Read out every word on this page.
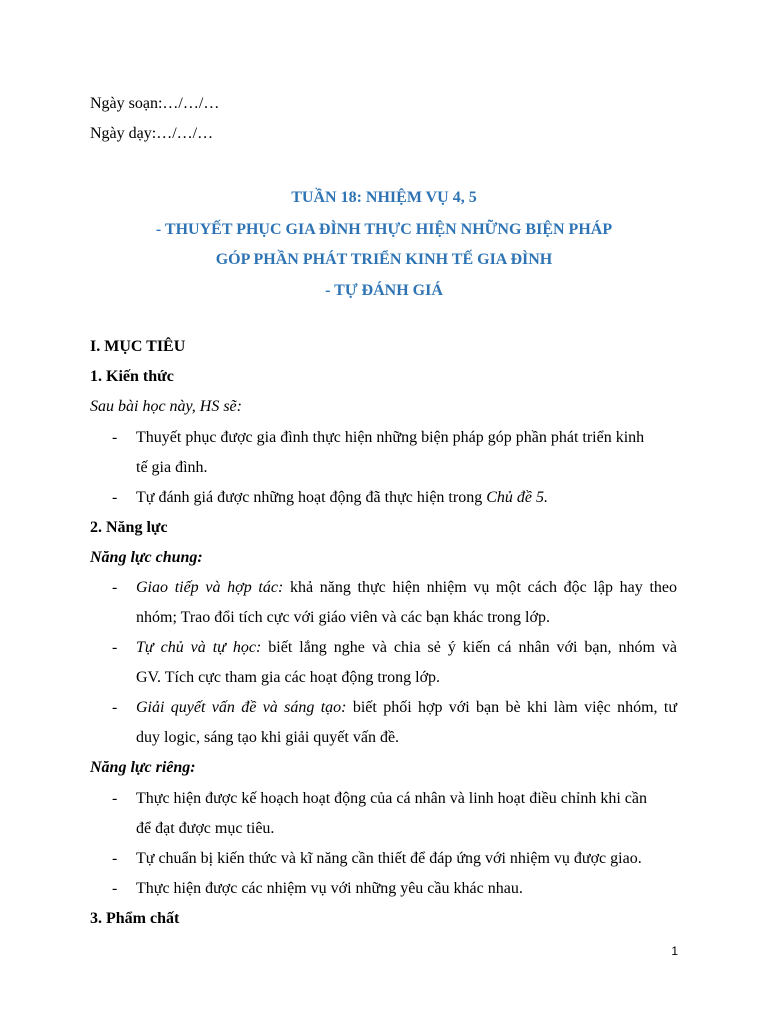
Ngày soạn:…/…/…
Ngày dạy:…/…/…
TUẦN 18: NHIỆM VỤ 4, 5
- THUYẾT PHỤC GIA ĐÌNH THỰC HIỆN NHỮNG BIỆN PHÁP
GÓP PHẦN PHÁT TRIỂN KINH TẾ GIA ĐÌNH
- TỰ ĐÁNH GIÁ
I. MỤC TIÊU
1. Kiến thức
Sau bài học này, HS sẽ:
- Thuyết phục được gia đình thực hiện những biện pháp góp phần phát triển kinh
tế gia đình.
- Tự đánh giá được những hoạt động đã thực hiện trong Chủ đề 5.
2. Năng lực
Năng lực chung:
- Giao tiếp và hợp tác: khả năng thực hiện nhiệm vụ một cách độc lập hay theo
nhóm; Trao đổi tích cực với giáo viên và các bạn khác trong lớp.
- Tự chủ và tự học: biết lắng nghe và chia sẻ ý kiến cá nhân với bạn, nhóm và
GV. Tích cực tham gia các hoạt động trong lớp.
- Giải quyết vấn đề và sáng tạo: biết phối hợp với bạn bè khi làm việc nhóm, tư
duy logic, sáng tạo khi giải quyết vấn đề.
Năng lực riêng:
- Thực hiện được kế hoạch hoạt động của cá nhân và linh hoạt điều chỉnh khi cần
để đạt được mục tiêu.
- Tự chuẩn bị kiến thức và kĩ năng cần thiết để đáp ứng với nhiệm vụ được giao.
- Thực hiện được các nhiệm vụ với những yêu cầu khác nhau.
3. Phẩm chất
1
